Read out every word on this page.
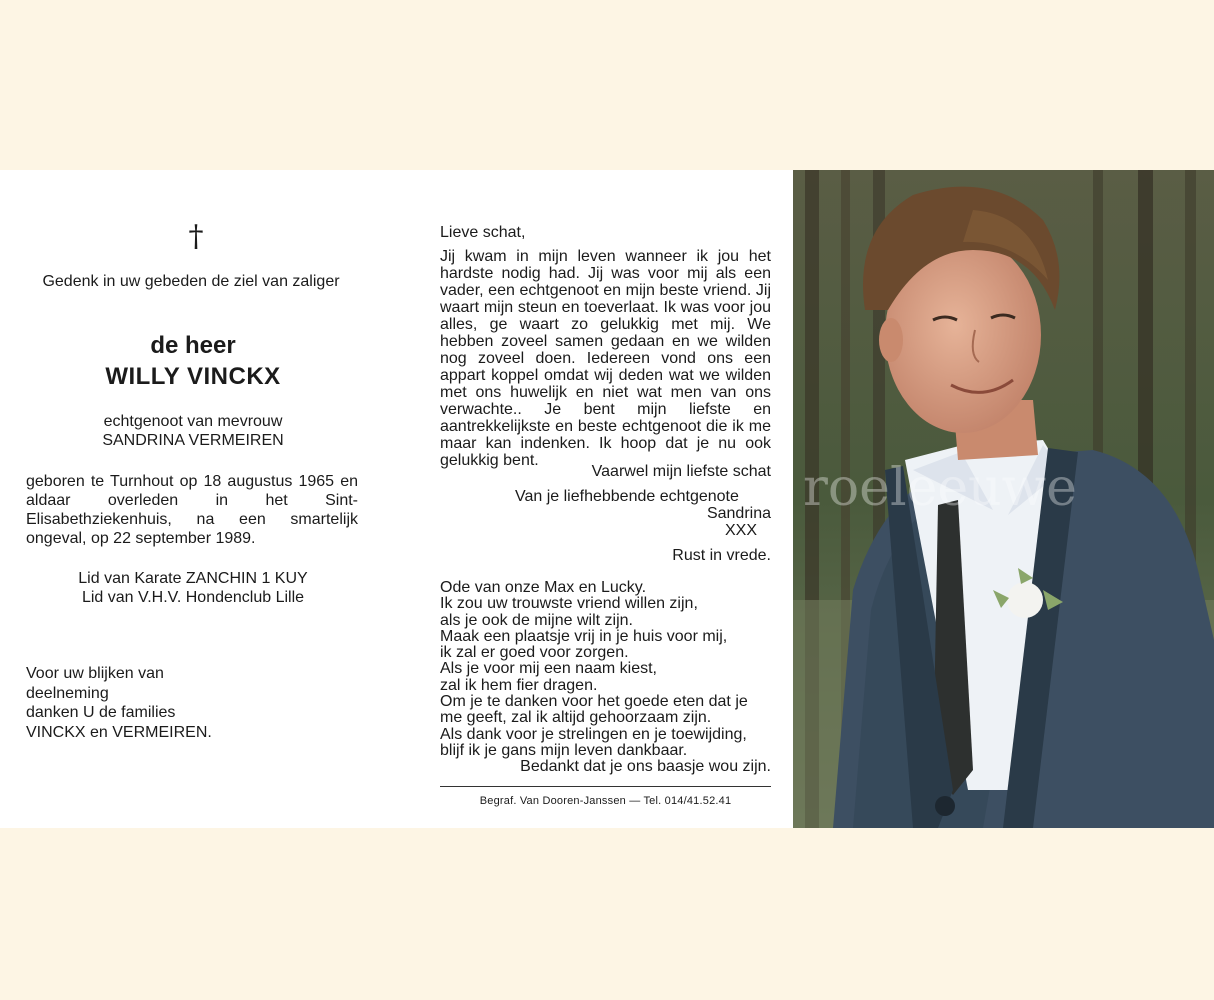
†
Gedenk in uw gebeden de ziel van zaliger
de heer
WILLY VINCKX
echtgenoot van mevrouw
SANDRINA VERMEIREN
geboren te Turnhout op 18 augustus 1965 en aldaar overleden in het Sint-Elisabethziekenhuis, na een smartelijk ongeval, op 22 september 1989.
Lid van Karate ZANCHIN 1 KUY
Lid van V.H.V. Hondenclub Lille
Voor uw blijken van
deelneming
danken U de families
VINCKX en VERMEIREN.
Lieve schat,
Jij kwam in mijn leven wanneer ik jou het hardste nodig had. Jij was voor mij als een vader, een echtgenoot en mijn beste vriend. Jij waart mijn steun en toeverlaat. Ik was voor jou alles, ge waart zo gelukkig met mij. We hebben zoveel samen gedaan en we wilden nog zoveel doen. Iedereen vond ons een appart koppel omdat wij deden wat we wilden met ons huwelijk en niet wat men van ons verwachte.. Je bent mijn liefste en aantrekkelijkste en beste echtgenoot die ik me maar kan indenken. Ik hoop dat je nu ook gelukkig bent.
Vaarwel mijn liefste schat
Van je liefhebbende echtgenote
Sandrina
XXX
Rust in vrede.
Ode van onze Max en Lucky.
Ik zou uw trouwste vriend willen zijn,
als je ook de mijne wilt zijn.
Maak een plaatsje vrij in je huis voor mij,
ik zal er goed voor zorgen.
Als je voor mij een naam kiest,
zal ik hem fier dragen.
Om je te danken voor het goede eten dat je
me geeft, zal ik altijd gehoorzaam zijn.
Als dank voor je strelingen en je toewijding,
blijf ik je gans mijn leven dankbaar.
Bedankt dat je ons baasje wou zijn.
Begraf. Van Dooren-Janssen — Tel. 014/41.52.41
roeleeuwe
